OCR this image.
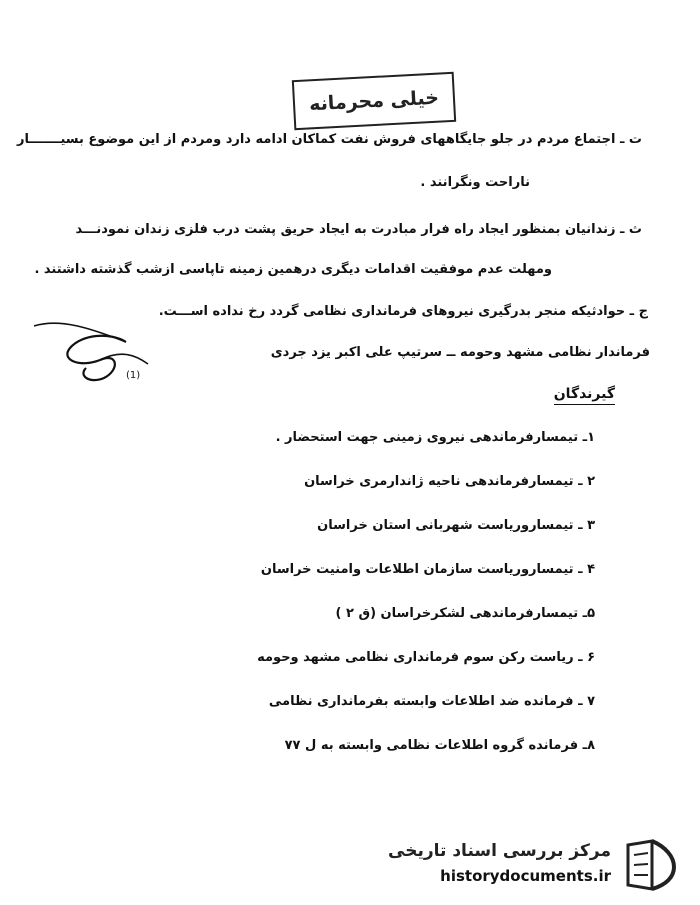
خیلی محرمانه
ت ـ اجتماع مردم در جلو جایگاههای فروش نفت کماکان ادامه دارد ومردم از این موضوع بسیـــــــار
ناراحت ونگرانند .
ث ـ زندانیان بمنظور ایجاد راه فرار مبادرت به ایجاد حریق پشت درب فلزی زندان نمودنـــد
ومهلت عدم موفقیت اقدامات دیگری درهمین زمینه تاپاسی ازشب گذشته داشتند .
ج ـ حوادثیکه منجر بدرگیری نیروهای فرمانداری نظامی گردد رخ نداده اســـت.
فرماندار نظامی مشهد وحومه ــ سرتیپ علی اکبر یزد جردی
(1)
گیرندگان
۱ـ تیمسارفرماندهی نیروی زمینی جهت استحضار .
۲ ـ تیمسارفرماندهی ناحیه ژاندارمری خراسان
۳ ـ تیمساروریاست شهربانی استان خراسان
۴ ـ تیمساروریاست سازمان اطلاعات وامنیت خراسان
۵ـ تیمسارفرماندهی لشکرخراسان (ق ۲ )
۶ ـ ریاست رکن سوم فرمانداری نظامی مشهد وحومه
۷ ـ فرمانده ضد اطلاعات وابسته بفرمانداری نظامی
۸ـ فرمانده گروه اطلاعات نظامی وابسته به ل ۷۷
مرکز بررسی اسناد تاریخی
historydocuments.ir
